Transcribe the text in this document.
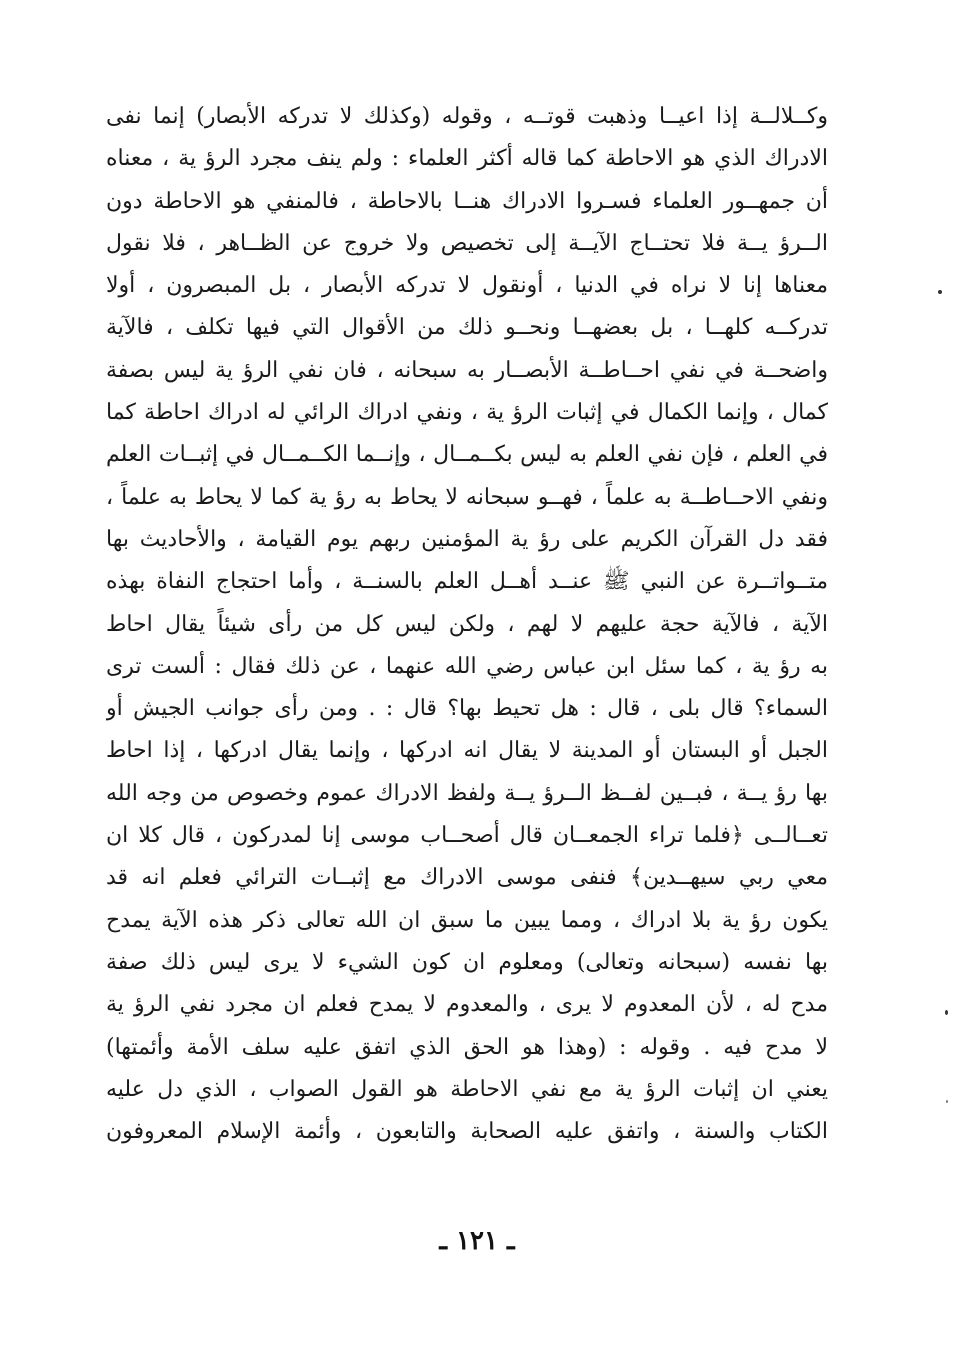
وكــلالــة إذا اعيــا وذهبت قوتــه ، وقوله (وكذلك لا تدركه الأبصار) إنما نفى
الادراك الذي هو الاحاطة كما قاله أكثر العلماء : ولم ينف مجرد الرؤ ية ، معناه
أن جمهــور العلماء فسـروا الادراك هنــا بالاحاطة ، فالمنفي هو الاحاطة دون
الــرؤ يــة فلا تحتــاج الآيــة إلى تخصيص ولا خروج عن الظــاهر ، فلا نقول
معناها إنا لا نراه في الدنيا ، أونقول لا تدركه الأبصار ، بل المبصرون ، أولا
تدركــه كلهــا ، بل بعضهــا ونحــو ذلك من الأقوال التي فيها تكلف ، فالآية
واضحــة في نفي احــاطــة الأبصــار به سبحانه ، فان نفي الرؤ ية ليس بصفة
كمال ، وإنما الكمال في إثبات الرؤ ية ، ونفي ادراك الرائي له ادراك احاطة كما
في العلم ، فإن نفي العلم به ليس بكــمــال ، وإنــما الكــمــال في إثبــات العلم
ونفي الاحــاطــة به علماً ، فهــو سبحانه لا يحاط به رؤ ية كما لا يحاط به علماً ،
فقد دل القرآن الكريم على رؤ ية المؤمنين ربهم يوم القيامة ، والأحاديث بها
متــواتــرة عن النبي ﷺ عنــد أهــل العلم بالسنــة ، وأما احتجاج النفاة بهذه
الآية ، فالآية حجة عليهم لا لهم ، ولكن ليس كل من رأى شيئاً يقال احاط
به رؤ ية ، كما سئل ابن عباس رضي الله عنهما ، عن ذلك فقال : ألست ترى
السماء؟ قال بلى ، قال : هل تحيط بها؟ قال : . ومن رأى جوانب الجيش أو
الجبل أو البستان أو المدينة لا يقال انه ادركها ، وإنما يقال ادركها ، إذا احاط
بها رؤ يــة ، فبــين لفــظ الــرؤ يــة ولفظ الادراك عموم وخصوص من وجه الله
تعــالــى ﴿فلما تراء الجمعــان قال أصحــاب موسى إنا لمدركون ، قال كلا ان
معي ربي سيهــدين﴾ فنفى موسى الادراك مع إثبــات الترائي فعلم انه قد
يكون رؤ ية بلا ادراك ، ومما يبين ما سبق ان الله تعالى ذكر هذه الآية يمدح
بها نفسه (سبحانه وتعالى) ومعلوم ان كون الشيء لا يرى ليس ذلك صفة
مدح له ، لأن المعدوم لا يرى ، والمعدوم لا يمدح فعلم ان مجرد نفي الرؤ ية
لا مدح فيه . وقوله : (وهذا هو الحق الذي اتفق عليه سلف الأمة وأئمتها)
يعني ان إثبات الرؤ ية مع نفي الاحاطة هو القول الصواب ، الذي دل عليه
الكتاب والسنة ، واتفق عليه الصحابة والتابعون ، وأئمة الإسلام المعروفون
ـ ١٢١ ـ
